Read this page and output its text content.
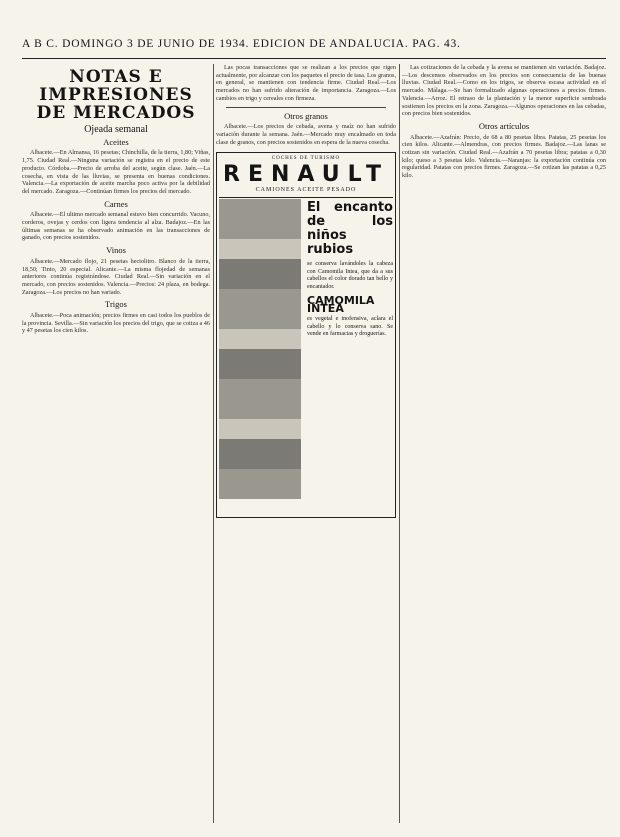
A B C. DOMINGO 3 DE JUNIO DE 1934. EDICION DE ANDALUCIA. PAG. 43.
NOTAS E IMPRESIONES DE MERCADOS
Ojeada semanal
Aceites

Albacete.—En Almansa, 16 pesetas; Chinchilla, de la tierra, 1,80; Viñas, 1,75. Ciudad Real.—Ninguna variación se registra en el precio de este producto. Córdoba.—Precio de arroba del aceite, según clase. Jaén.—La cosecha, en vista de las lluvias, se presenta en buenas condiciones. Valencia.—La exportación de aceite marcha poco activa por la debilidad del mercado. Zaragoza.—Continúan firmes los precios del mercado.

Carnes

Albacete.—El ultimo mercado semanal estuvo bien concurrido. Vacuno, corderos, ovejas y cerdos con ligera tendencia al alza. Badajoz.—En las últimas semanas se ha observado animación en las transacciones de ganado, con precios sostenidos.

Vinos

Albacete.—Mercado flojo, 21 pesetas hectolitro. Blanco de la tierra, 18,50; Tinto, 20 especial. Alicante.—La misma flojedad de semanas anteriores continúa registrándose. Ciudad Real.—Sin variación en el mercado, con precios sostenidos. Valencia.—Precios: 24 plaza, en bodega. Zaragoza.—Los precios no han variado.

Trigos

Albacete.—Poca animación; precios firmes en casi todos los pueblos de la provincia. Sevilla.—Sin variación los precios del trigo, que se cotiza a 46 y 47 pesetas los cien kilos.

Las pocas transacciones que se realizan a los precios que rigen actualmente, por alcanzar con los paquetes el precio de tasa. Los granos, en general, se mantienen con tendencia firme. Ciudad Real.—Los mercados no han sufrido alteración de importancia. Zaragoza.—Los cambios en trigo y cereales con firmeza.

Otros granos

Albacete.—Los precios de cebada, avena y maíz no han sufrido variación durante la semana. Jaén.—Mercado muy encalmado en toda clase de granos, con precios sostenidos en espera de la nueva cosecha.

COCHES DE TURISMO
RENAULT
CAMIONES ACEITE PESADO
El encanto de los niños rubios
se conserva lavándoles la cabeza con Camomila Intea, que da a sus cabellos el color dorado tan bello y encantador.
CAMOMILA INTEA
es vegetal e inofensiva, aclara el cabello y lo conserva sano. Se vende en farmacias y droguerías.

Las cotizaciones de la cebada y la avena se mantienen sin variación. Badajoz.—Los descensos observados en los precios son consecuencia de las buenas lluvias. Ciudad Real.—Como en los trigos, se observa escasa actividad en el mercado. Málaga.—Se han formalizado algunas operaciones a precios firmes. Valencia.—Arroz. El retraso de la plantación y la menor superficie sembrada sostienen los precios en la zona. Zaragoza.—Algunos operaciones en las cebadas, con precios bien sostenidos.

Otros artículos

Albacete.—Azafrán: Precio, de 68 a 80 pesetas libra. Patatas, 25 pesetas los cien kilos. Alicante.—Almendras, con precios firmes. Badajoz.—Las lanas se cotizan sin variación. Ciudad Real.—Azafrán a 70 pesetas libra; patatas a 0,30 kilo; queso a 3 pesetas kilo. Valencia.—Naranjas: la exportación continúa con regularidad. Patatas con precios firmes. Zaragoza.—Se cotizan las patatas a 0,25 kilo.
